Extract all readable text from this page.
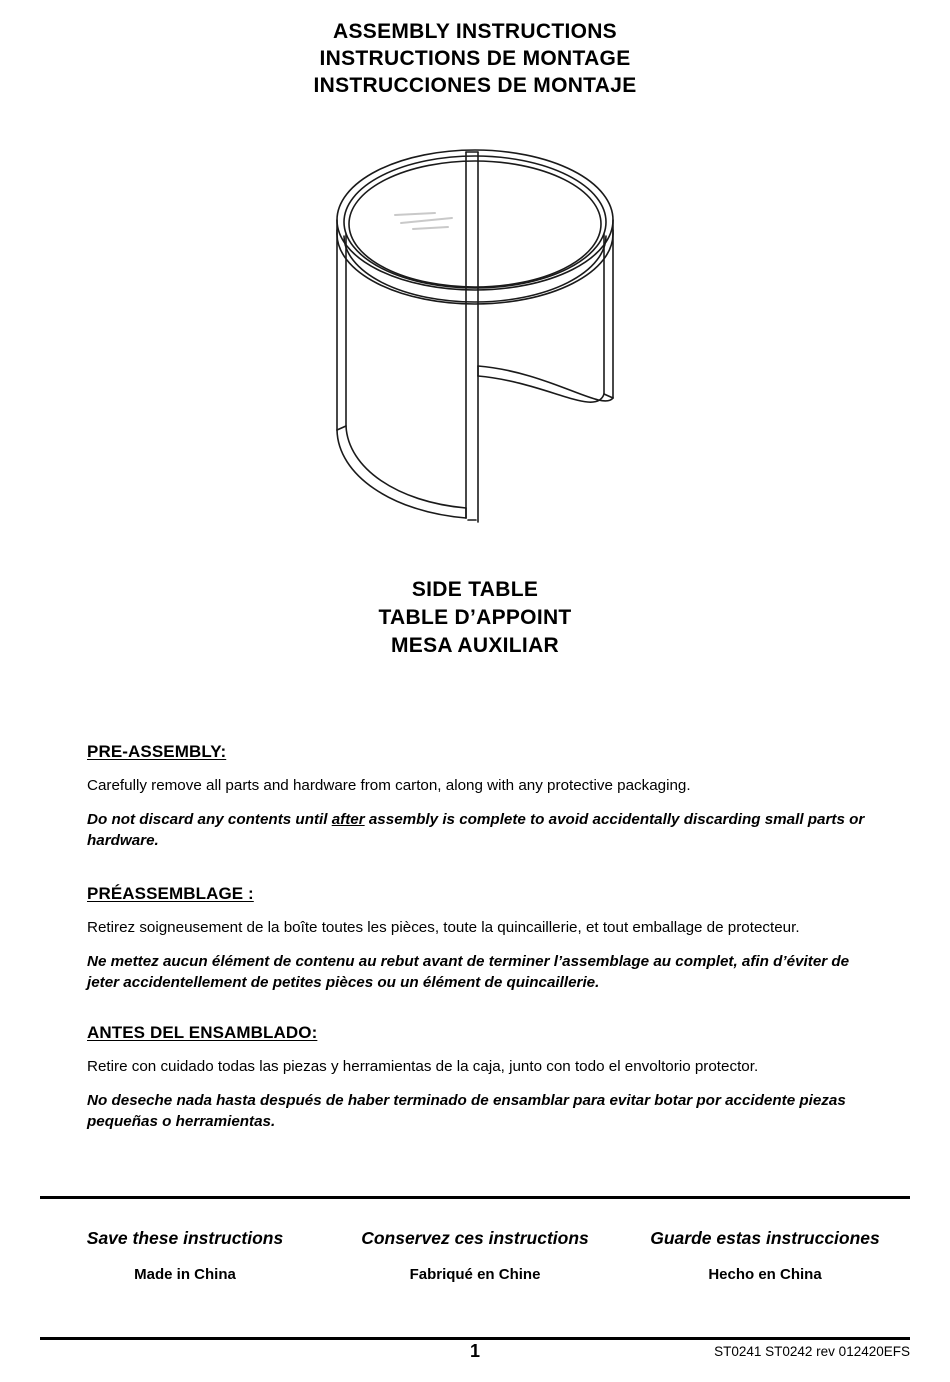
ASSEMBLY INSTRUCTIONS
INSTRUCTIONS DE MONTAGE
INSTRUCCIONES DE MONTAJE
SIDE TABLE
TABLE D’APPOINT
MESA AUXILIAR
PRE-ASSEMBLY:

Carefully remove all parts and hardware from carton, along with any protective packaging.

Do not discard any contents until after assembly is complete to avoid accidentally discarding small parts or hardware.

PRÉASSEMBLAGE :

Retirez soigneusement de la boîte toutes les pièces, toute la quincaillerie, et tout emballage de protecteur.

Ne mettez aucun élément de contenu au rebut avant de terminer l’assemblage au complet, afin d’éviter de jeter accidentellement de petites pièces ou un élément de quincaillerie.

ANTES DEL ENSAMBLADO:

Retire con cuidado todas las piezas y herramientas de la caja, junto con todo el envoltorio protector.

No deseche nada hasta después de haber terminado de ensamblar para evitar botar por accidente piezas pequeñas o herramientas.

Save these instructions
Made in China
Conservez ces instructions
Fabriqué en Chine
Guarde estas instrucciones
Hecho en China
1	ST0241 ST0242 rev 012420EFS
